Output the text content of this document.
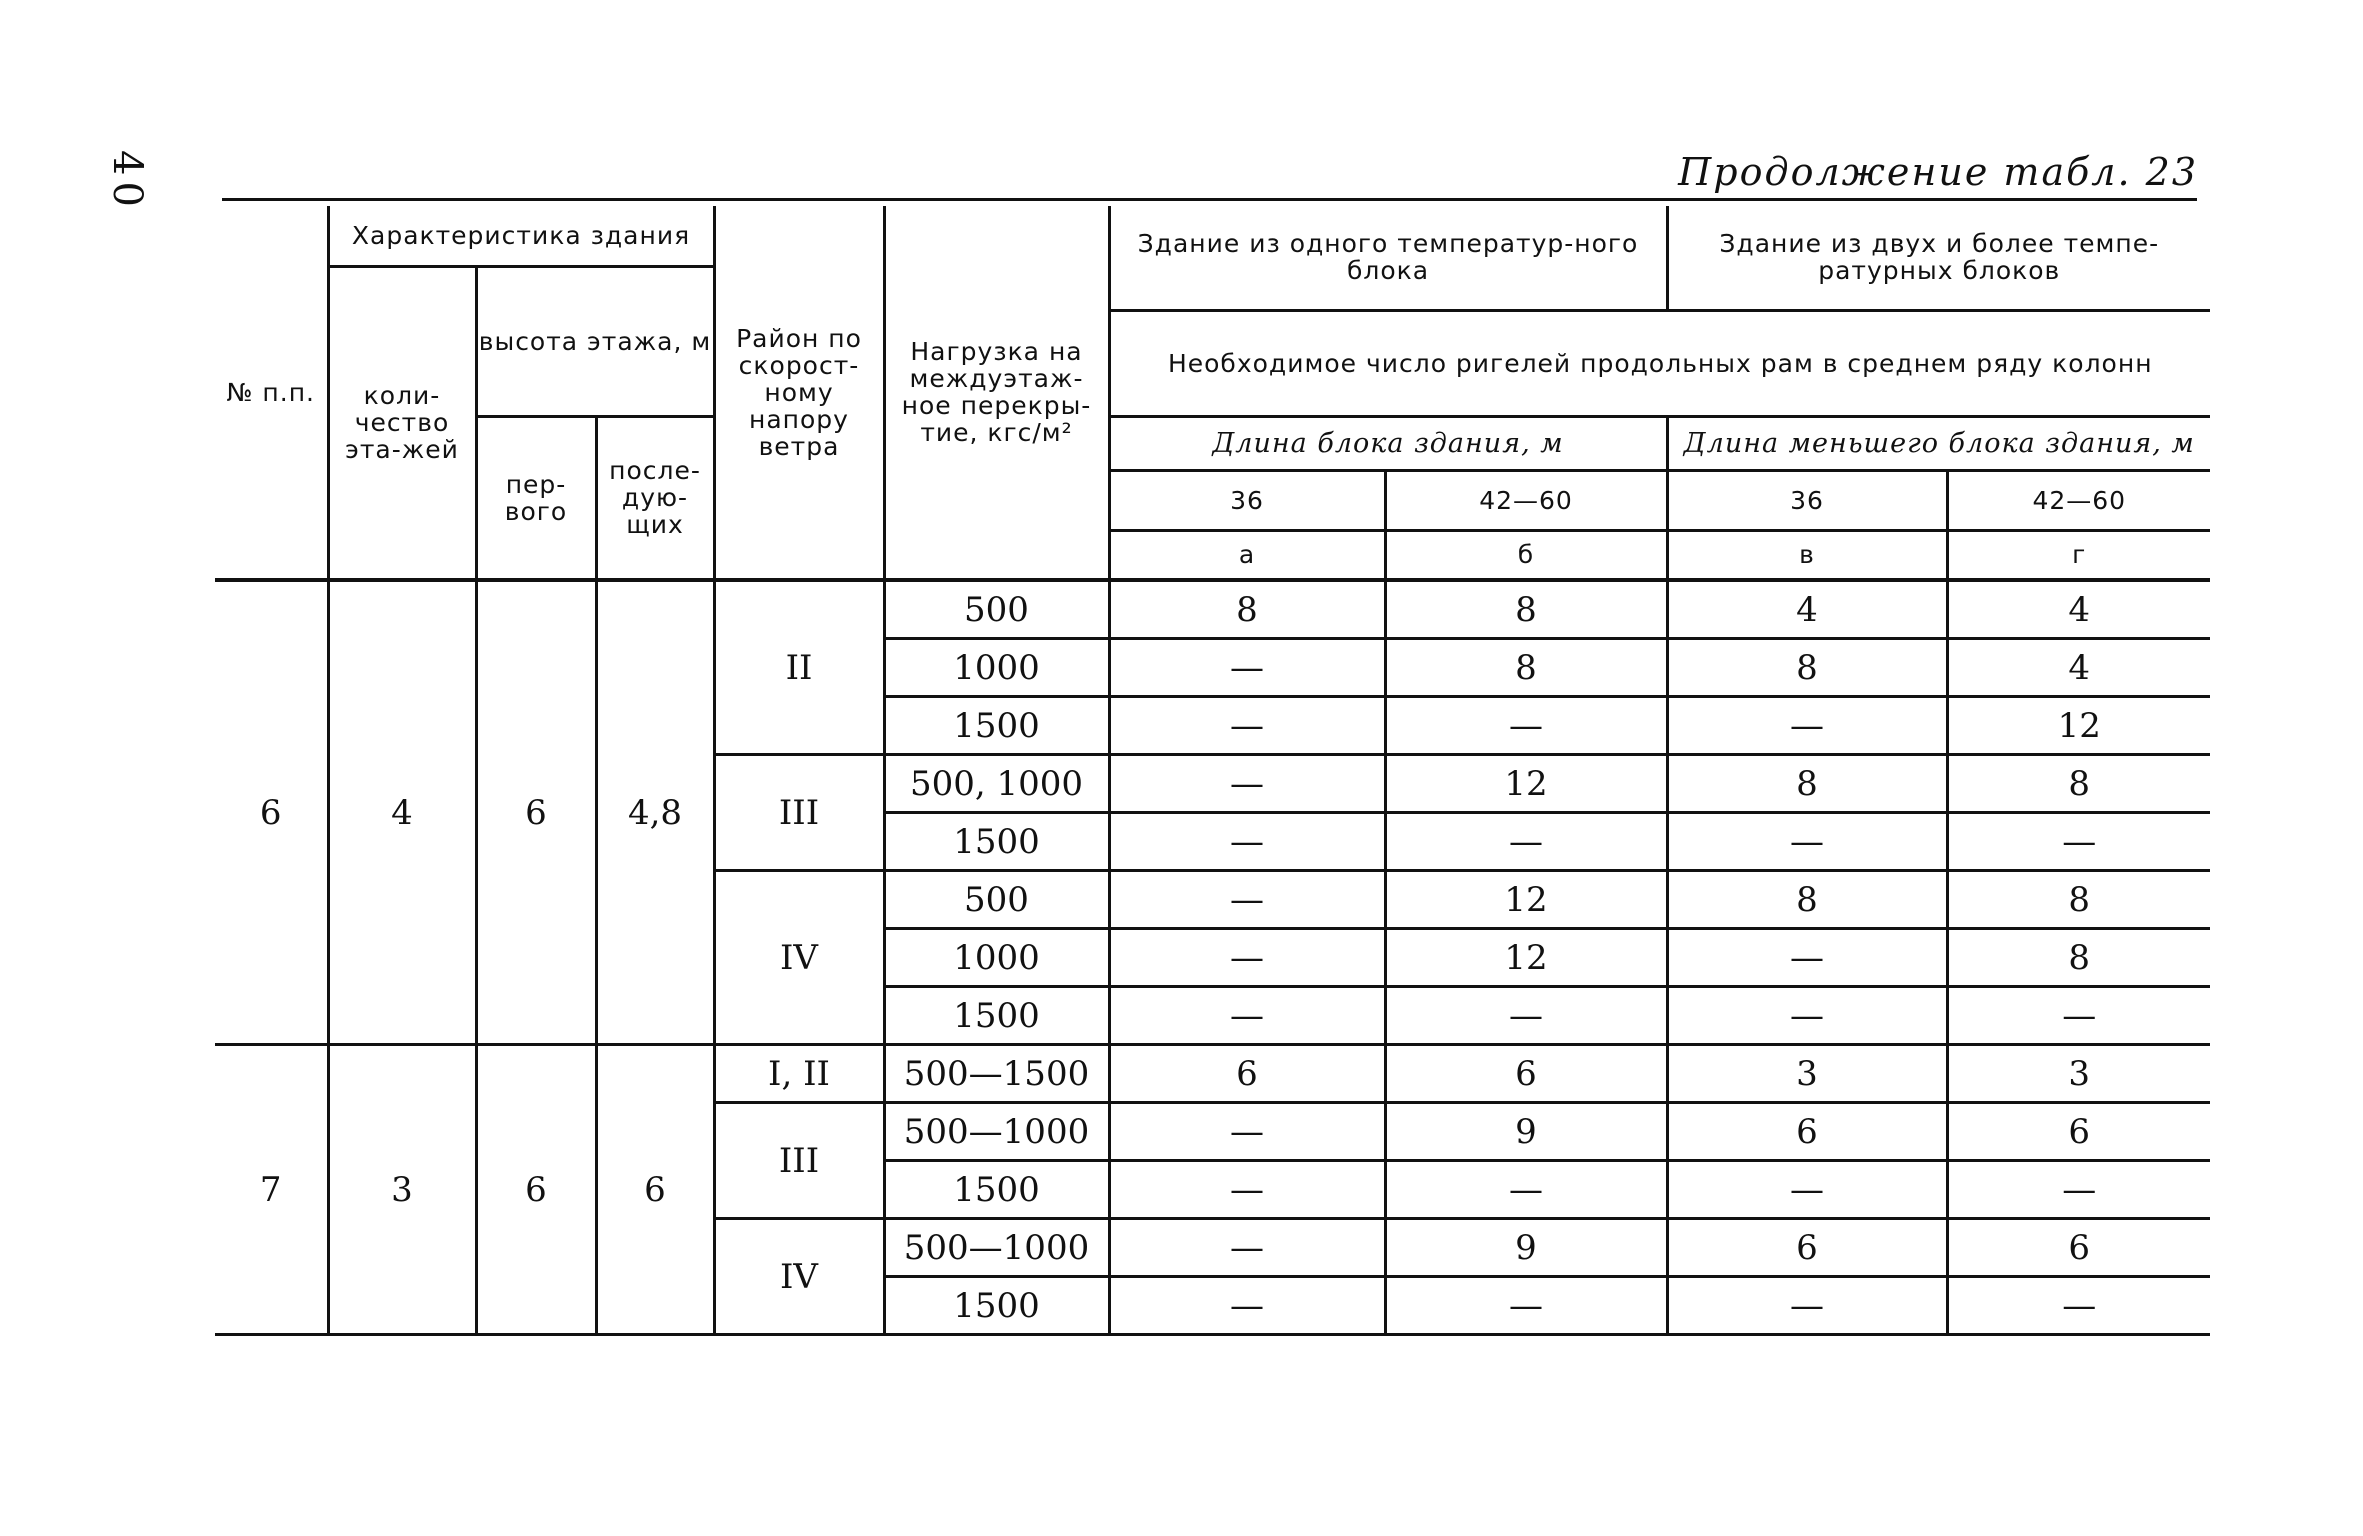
40	Продолжение табл. 23
№ п.п.	Характеристика здания			Район по скорост-ному напору ветра	Нагрузка на междуэтаж-ное перекры-тие, кгс/м²	Здание из одного температур-ного блока		Здание из двух и более темпе-ратурных блоков	
	коли-чество эта-жей	высота этажа, м							
						Необходимое число ригелей продольных рам в среднем ряду колонн			
		пер-вого	после-дую-щих			Длина блока здания, м		Длина меньшего блока здания, м	
						36	42—60	36	42—60
						а	б	в	г
6	4	6	4,8	II	500	8	8	4	4
					1000	—	8	8	4
					1500	—	—	—	12
				III	500, 1000	—	12	8	8
					1500	—	—	—	—
				IV	500	—	12	8	8
					1000	—	12	—	8
					1500	—	—	—	—
7	3	6	6	I, II	500—1500	6	6	3	3
				III	500—1000	—	9	6	6
					1500	—	—	—	—
				IV	500—1000	—	9	6	6
					1500	—	—	—	—
